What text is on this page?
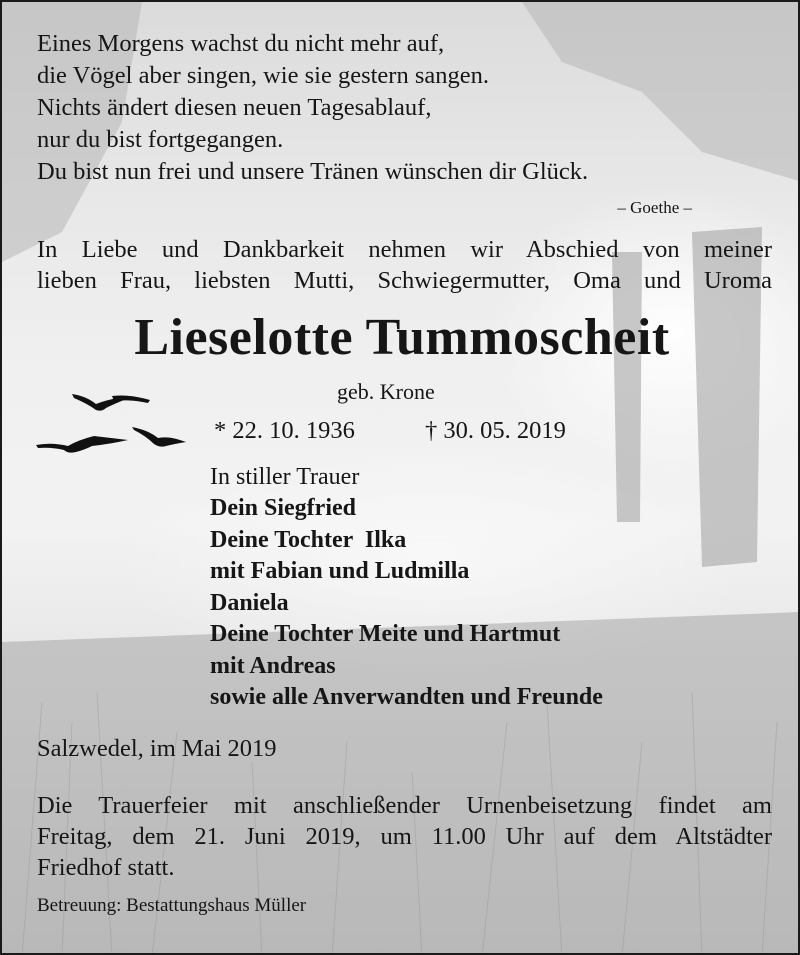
Eines Morgens wachst du nicht mehr auf,
die Vögel aber singen, wie sie gestern sangen.
Nichts ändert diesen neuen Tagesablauf,
nur du bist fortgegangen.
Du bist nun frei und unsere Tränen wünschen dir Glück.
– Goethe –
In Liebe und Dankbarkeit nehmen wir Abschied von meiner
lieben Frau, liebsten Mutti, Schwiegermutter, Oma und Uroma
Lieselotte Tummoscheit
geb. Krone
* 22. 10. 1936	† 30. 05. 2019
In stiller Trauer
Dein Siegfried
Deine Tochter  Ilka
mit Fabian und Ludmilla
Daniela
Deine Tochter Meite und Hartmut
mit Andreas
sowie alle Anverwandten und Freunde
Salzwedel, im Mai 2019
Die Trauerfeier mit anschließender Urnenbeisetzung findet am
Freitag, dem 21. Juni 2019, um 11.00 Uhr auf dem Altstädter
Friedhof statt.
Betreuung: Bestattungshaus Müller
